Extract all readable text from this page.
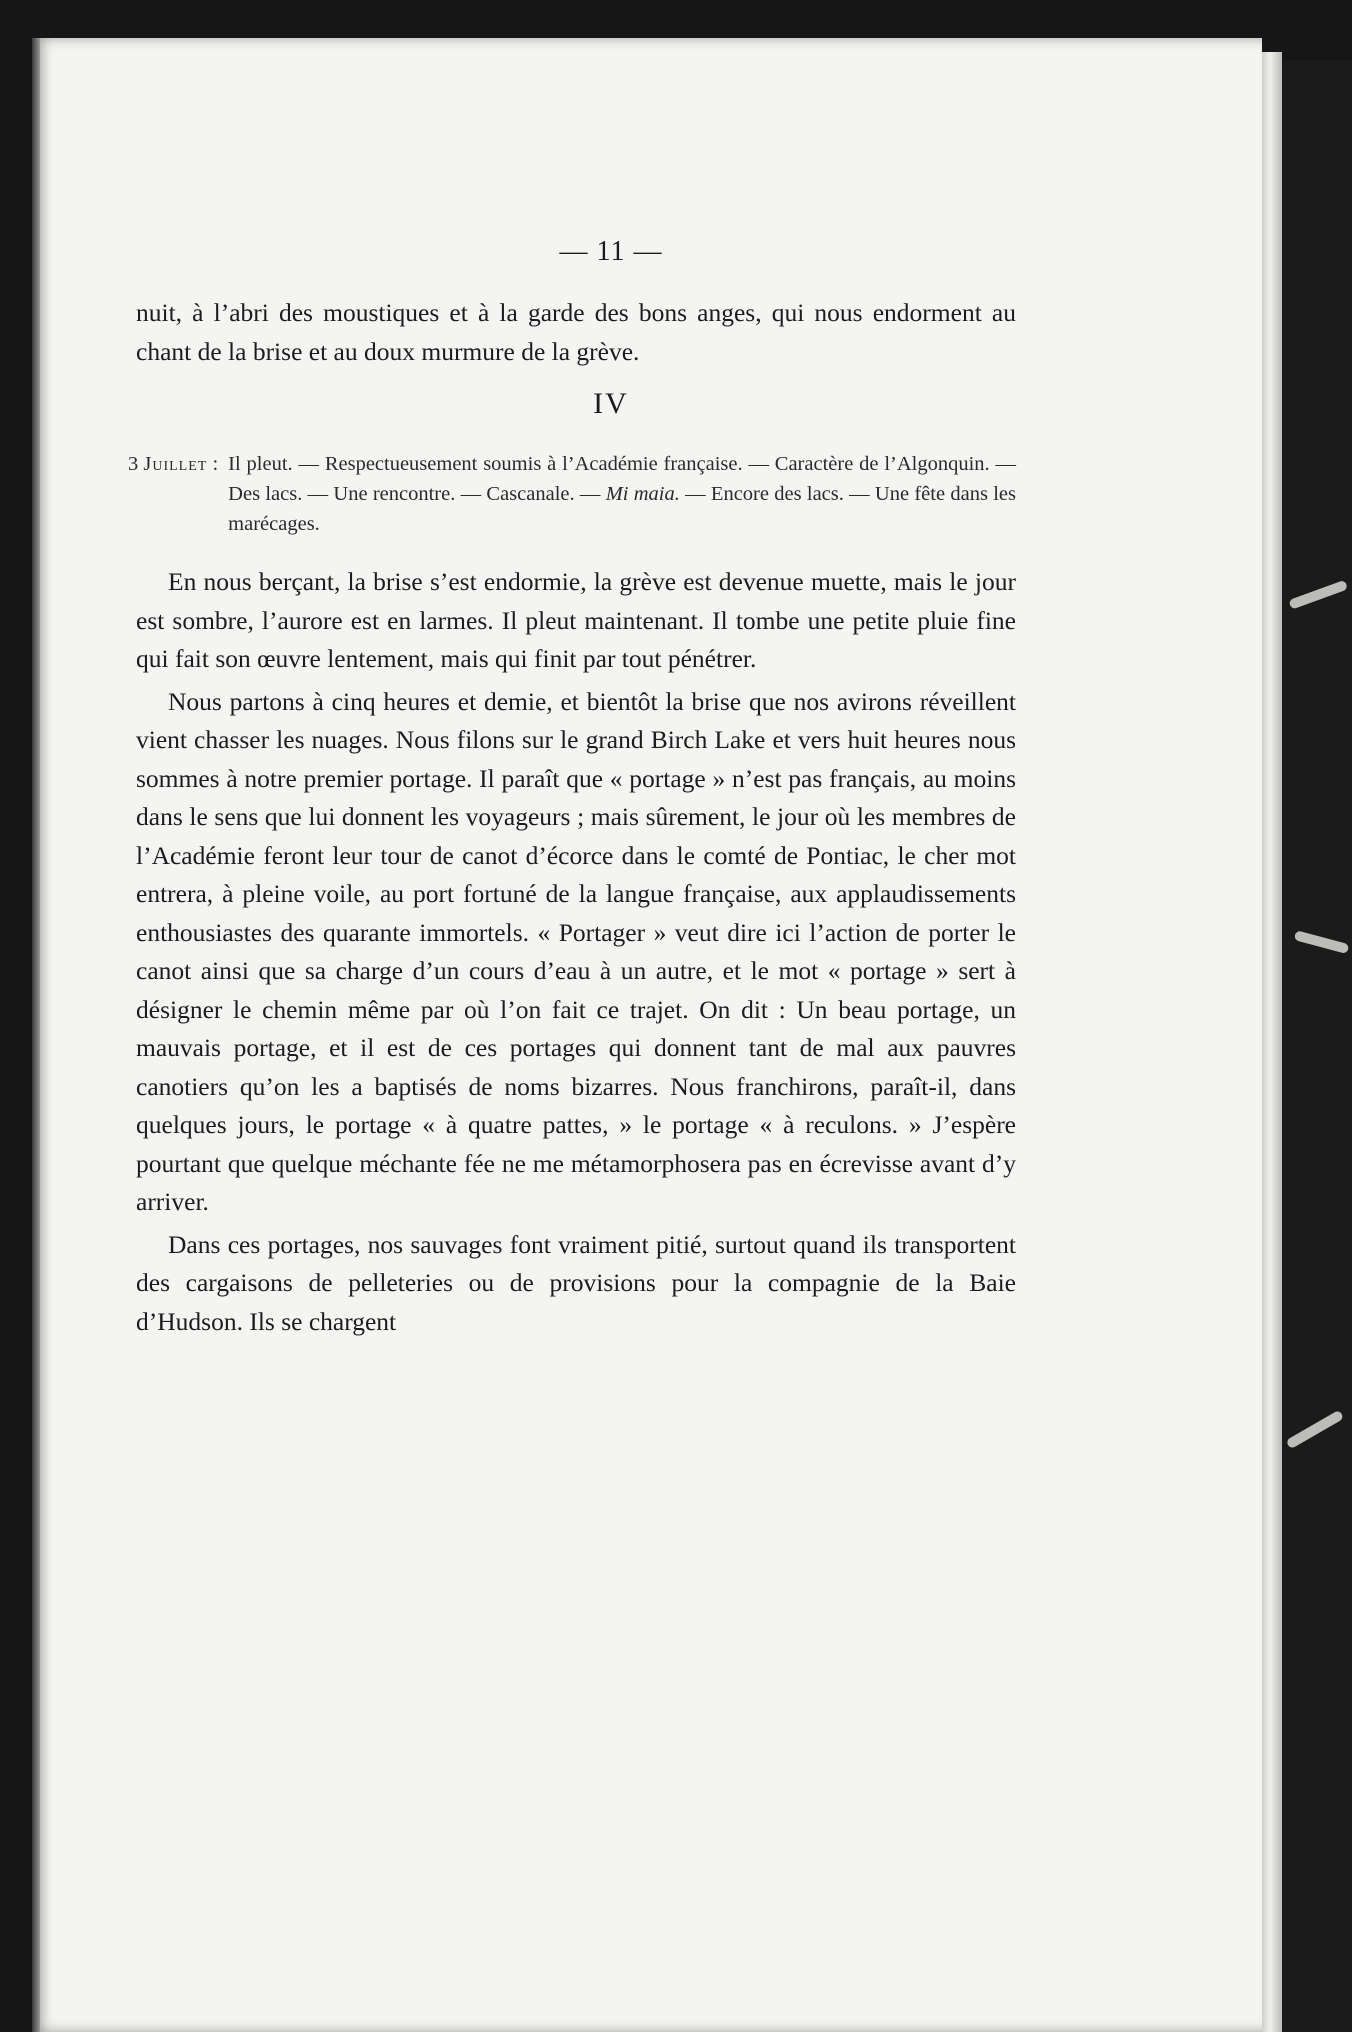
— 11 —

nuit, à l’abri des moustiques et à la garde des bons anges, qui nous endorment au chant de la brise et au doux murmure de la grève.

IV
3 Juillet : Il pleut. — Respectueusement soumis à l’Académie française. — Caractère de l’Algonquin. — Des lacs. — Une rencontre. — Cascanale. — Mi maia. — Encore des lacs. — Une fête dans les marécages.

En nous berçant, la brise s’est endormie, la grève est devenue muette, mais le jour est sombre, l’aurore est en larmes. Il pleut maintenant. Il tombe une petite pluie fine qui fait son œuvre lentement, mais qui finit par tout pénétrer.

Nous partons à cinq heures et demie, et bientôt la brise que nos avirons réveillent vient chasser les nuages. Nous filons sur le grand Birch Lake et vers huit heures nous sommes à notre premier portage. Il paraît que « portage » n’est pas français, au moins dans le sens que lui donnent les voyageurs ; mais sûrement, le jour où les membres de l’Académie feront leur tour de canot d’écorce dans le comté de Pontiac, le cher mot entrera, à pleine voile, au port fortuné de la langue française, aux applaudissements enthousiastes des quarante immortels. « Portager » veut dire ici l’action de porter le canot ainsi que sa charge d’un cours d’eau à un autre, et le mot « portage » sert à désigner le chemin même par où l’on fait ce trajet. On dit : Un beau portage, un mauvais portage, et il est de ces portages qui donnent tant de mal aux pauvres canotiers qu’on les a baptisés de noms bizarres. Nous franchirons, paraît-il, dans quelques jours, le portage « à quatre pattes, » le portage « à reculons. » J’espère pourtant que quelque méchante fée ne me métamorphosera pas en écrevisse avant d’y arriver.

Dans ces portages, nos sauvages font vraiment pitié, surtout quand ils transportent des cargaisons de pelleteries ou de provisions pour la compagnie de la Baie d’Hudson. Ils se chargent
